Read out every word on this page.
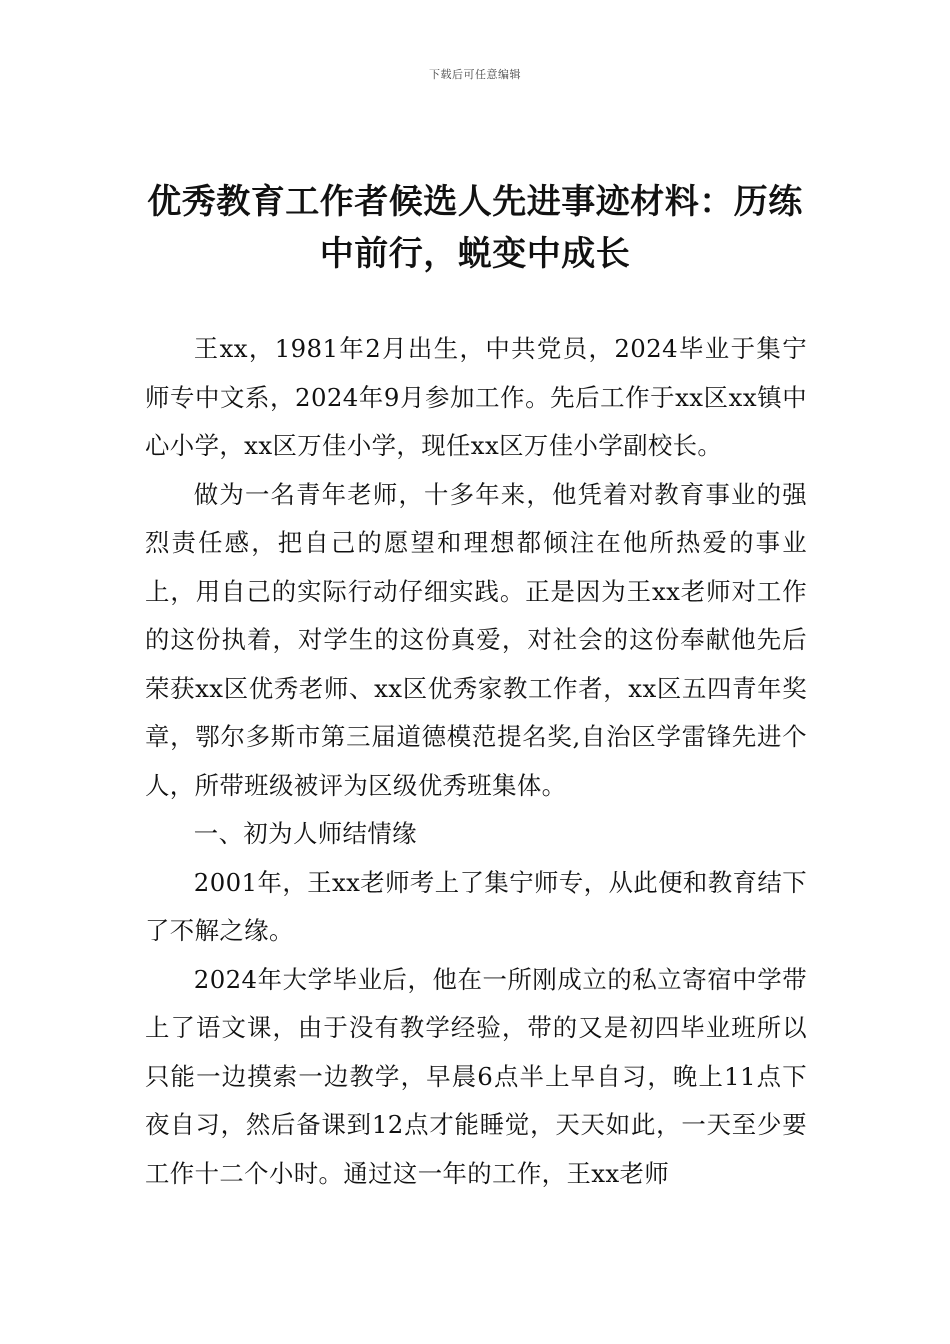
下载后可任意编辑
优秀教育工作者候选人先进事迹材料：历练中前行，蜕变中成长

王xx，1981年2月出生，中共党员，2024毕业于集宁师专中文系，2024年9月参加工作。先后工作于xx区xx镇中心小学，xx区万佳小学，现任xx区万佳小学副校长。

做为一名青年老师，十多年来，他凭着对教育事业的强烈责任感，把自己的愿望和理想都倾注在他所热爱的事业上，用自己的实际行动仔细实践。正是因为王xx老师对工作的这份执着，对学生的这份真爱，对社会的这份奉献他先后荣获xx区优秀老师、xx区优秀家教工作者，xx区五四青年奖章，鄂尔多斯市第三届道德模范提名奖,自治区学雷锋先进个人，所带班级被评为区级优秀班集体。

一、初为人师结情缘

2001年，王xx老师考上了集宁师专，从此便和教育结下了不解之缘。

2024年大学毕业后，他在一所刚成立的私立寄宿中学带上了语文课，由于没有教学经验，带的又是初四毕业班所以只能一边摸索一边教学，早晨6点半上早自习，晚上11点下夜自习，然后备课到12点才能睡觉，天天如此，一天至少要工作十二个小时。通过这一年的工作，王xx老师
